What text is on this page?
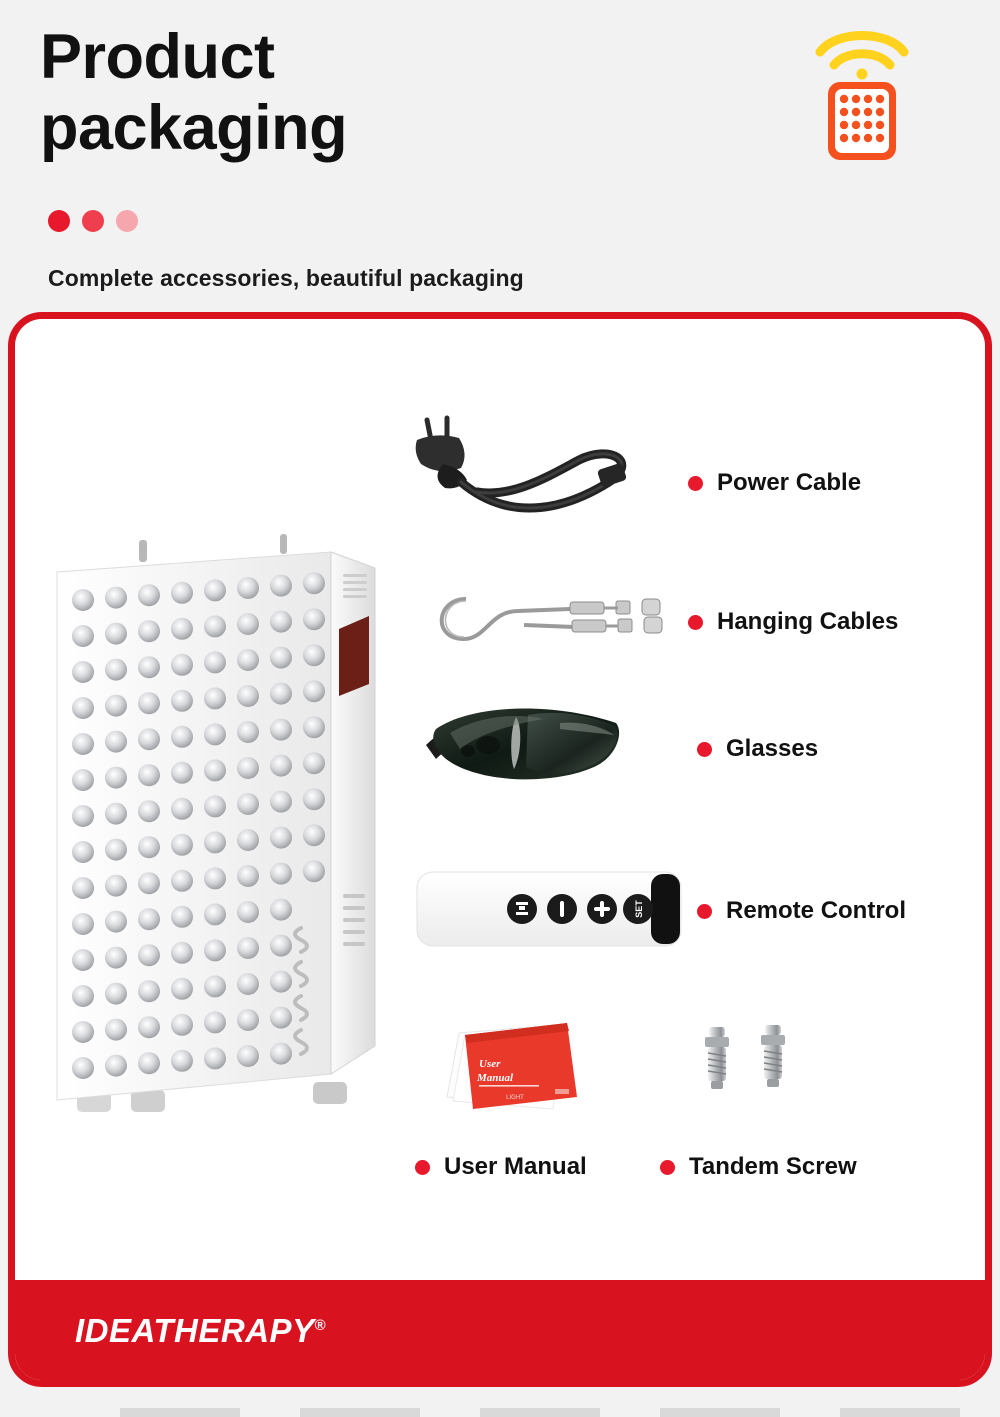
Product
packaging
Complete accessories, beautiful packaging
SET
User
Manual
LIGHT
Power Cable
Hanging Cables
Glasses
Remote Control
User Manual	Tandem Screw
IDEATHERAPY®
